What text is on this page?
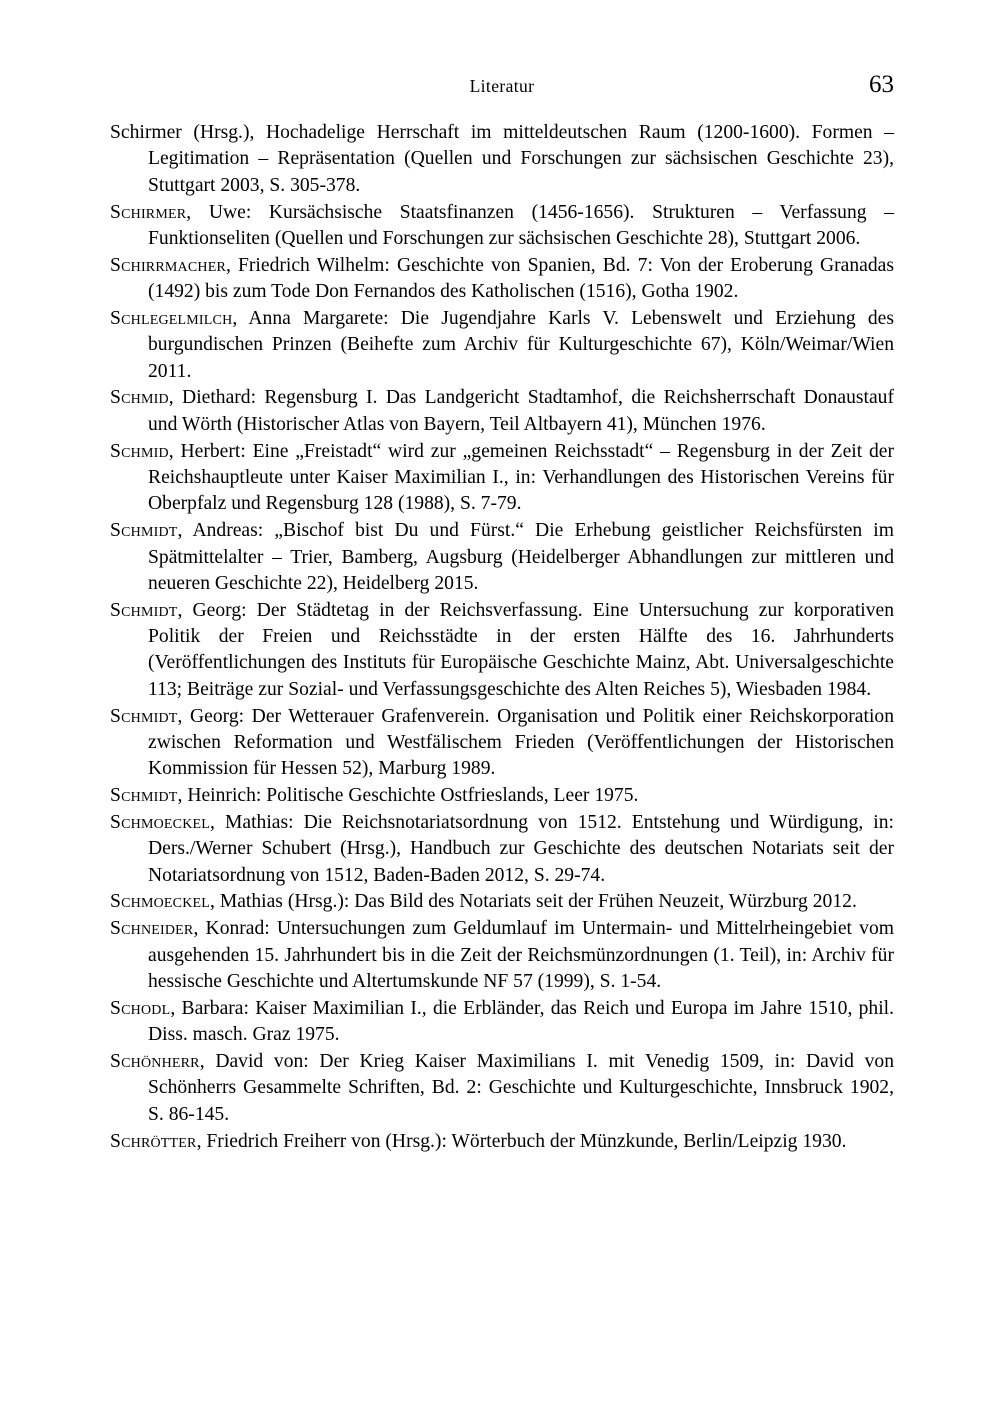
Literatur	63

Schirmer (Hrsg.), Hochadelige Herrschaft im mitteldeutschen Raum (1200-1600). Formen – Legitimation – Repräsentation (Quellen und Forschungen zur sächsischen Geschichte 23), Stuttgart 2003, S. 305-378.

Schirmer, Uwe: Kursächsische Staatsfinanzen (1456-1656). Strukturen – Verfassung – Funktionseliten (Quellen und Forschungen zur sächsischen Geschichte 28), Stuttgart 2006.

Schirrmacher, Friedrich Wilhelm: Geschichte von Spanien, Bd. 7: Von der Eroberung Granadas (1492) bis zum Tode Don Fernandos des Katholischen (1516), Gotha 1902.

Schlegelmilch, Anna Margarete: Die Jugendjahre Karls V. Lebenswelt und Erziehung des burgundischen Prinzen (Beihefte zum Archiv für Kulturgeschichte 67), Köln/Weimar/Wien 2011.

Schmid, Diethard: Regensburg I. Das Landgericht Stadtamhof, die Reichsherrschaft Donaustauf und Wörth (Historischer Atlas von Bayern, Teil Altbayern 41), München 1976.

Schmid, Herbert: Eine „Freistadt“ wird zur „gemeinen Reichsstadt“ – Regensburg in der Zeit der Reichshauptleute unter Kaiser Maximilian I., in: Verhandlungen des Historischen Vereins für Oberpfalz und Regensburg 128 (1988), S. 7-79.

Schmidt, Andreas: „Bischof bist Du und Fürst.“ Die Erhebung geistlicher Reichsfürsten im Spätmittelalter – Trier, Bamberg, Augsburg (Heidelberger Abhandlungen zur mittleren und neueren Geschichte 22), Heidelberg 2015.

Schmidt, Georg: Der Städtetag in der Reichsverfassung. Eine Untersuchung zur korporativen Politik der Freien und Reichsstädte in der ersten Hälfte des 16. Jahrhunderts (Veröffentlichungen des Instituts für Europäische Geschichte Mainz, Abt. Universalgeschichte 113; Beiträge zur Sozial- und Verfassungsgeschichte des Alten Reiches 5), Wiesbaden 1984.

Schmidt, Georg: Der Wetterauer Grafenverein. Organisation und Politik einer Reichskorporation zwischen Reformation und Westfälischem Frieden (Veröffentlichungen der Historischen Kommission für Hessen 52), Marburg 1989.

Schmidt, Heinrich: Politische Geschichte Ostfrieslands, Leer 1975.

Schmoeckel, Mathias: Die Reichsnotariatsordnung von 1512. Entstehung und Würdigung, in: Ders./Werner Schubert (Hrsg.), Handbuch zur Geschichte des deutschen Notariats seit der Notariatsordnung von 1512, Baden-Baden 2012, S. 29-74.

Schmoeckel, Mathias (Hrsg.): Das Bild des Notariats seit der Frühen Neuzeit, Würzburg 2012.

Schneider, Konrad: Untersuchungen zum Geldumlauf im Untermain- und Mittelrheingebiet vom ausgehenden 15. Jahrhundert bis in die Zeit der Reichsmünzordnungen (1. Teil), in: Archiv für hessische Geschichte und Altertumskunde NF 57 (1999), S. 1-54.

Schodl, Barbara: Kaiser Maximilian I., die Erbländer, das Reich und Europa im Jahre 1510, phil. Diss. masch. Graz 1975.

Schönherr, David von: Der Krieg Kaiser Maximilians I. mit Venedig 1509, in: David von Schönherrs Gesammelte Schriften, Bd. 2: Geschichte und Kulturgeschichte, Innsbruck 1902, S. 86-145.

Schrötter, Friedrich Freiherr von (Hrsg.): Wörterbuch der Münzkunde, Berlin/Leipzig 1930.
